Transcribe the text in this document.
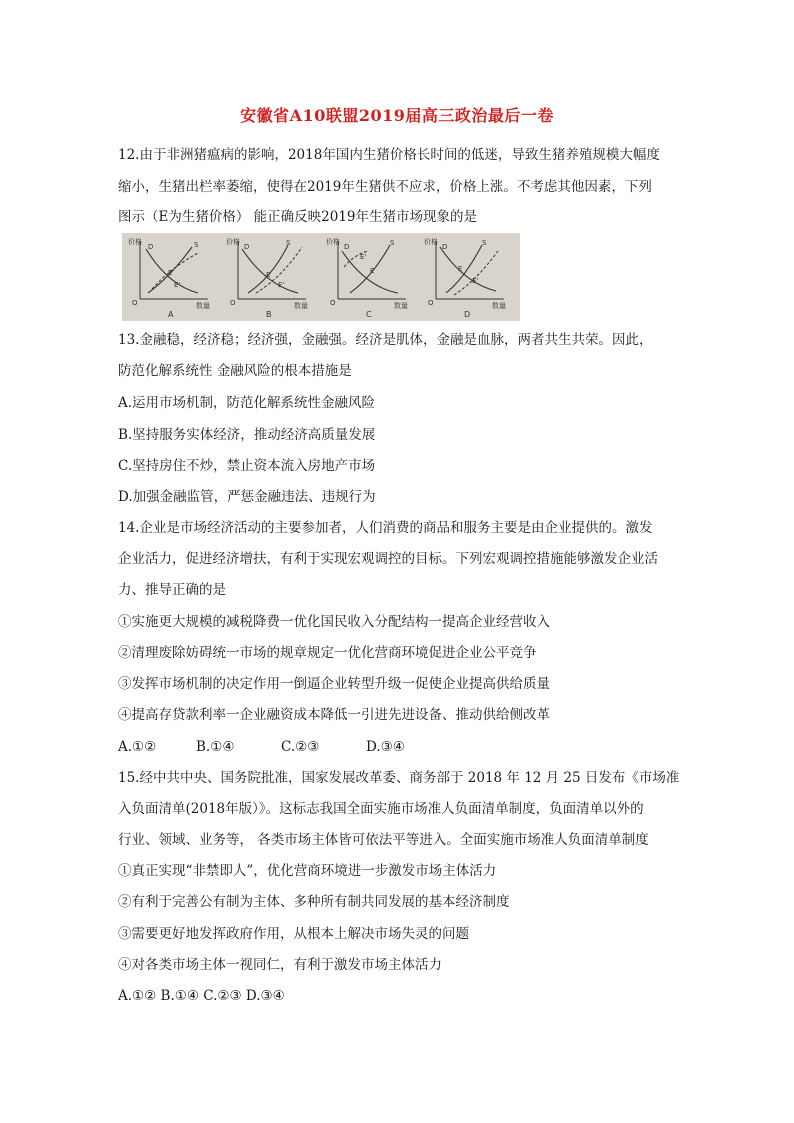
安徽省A10联盟2019届高三政治最后一卷
12.由于非洲猪瘟病的影响，2018年国内生猪价格长时间的低迷，导致生猪养殖规模大幅度
缩小，生猪出栏率萎缩，使得在2019年生猪供不应求，价格上涨。不考虑其他因素，下列
图示（E为生猪价格） 能正确反映2019年生猪市场现象的是
价格
O	数量
D	S
E
E'
A
价格
O	数量
D	S
E
E'
B
价格
O	数量
D	S
E
E'
C
价格
O	数量
D	S
E
E'
D
13.金融稳，经济稳；经济强，金融强。经济是肌体，金融是血脉，两者共生共荣。因此，
防范化解系统性 金融风险的根本措施是
A.运用市场机制，防范化解系统性金融风险
B.坚持服务实体经济，推动经济高质量发展
C.坚持房住不炒，禁止资本流入房地产市场
D.加强金融监管，严惩金融违法、违规行为
14.企业是市场经济活动的主要参加者，人们消费的商品和服务主要是由企业提供的。激发
企业活力，促进经济增扶，有利于实现宏观调控的目标。下列宏观调控措施能够激发企业活
力、推导正确的是
①实施更大规模的减税降费一优化国民收入分配结构一提高企业经营收入
②清理废除妨碍统一市场的规章规定一优化营商环境促进企业公平竞争
③发挥市场机制的决定作用一倒逼企业转型升级一促使企业提高供给质量
④提高存贷款利率一企业融资成本降低一引进先进设备、推动供给侧改革
A.①②	B.①④	C.②③	D.③④
15.经中共中央、国务院批准，国家发展改革委、商务部于 2018 年 12 月 25 日发布《市场准
入负面清单(2018年版）》。这标志我国全面实施市场准人负面清单制度，负面清单以外的
行业、领域、业务等， 各类市场主体皆可依法平等进入。全面实施市场准人负面清单制度
①真正实现“非禁即人”，优化营商环境进一步激发市场主体活力
②有利于完善公有制为主体、多种所有制共同发展的基本经济制度
③需要更好地发挥政府作用，从根本上解决市场失灵的问题
④对各类市场主体一视同仁，有利于激发市场主体活力
A.①② B.①④ C.②③ D.③④
